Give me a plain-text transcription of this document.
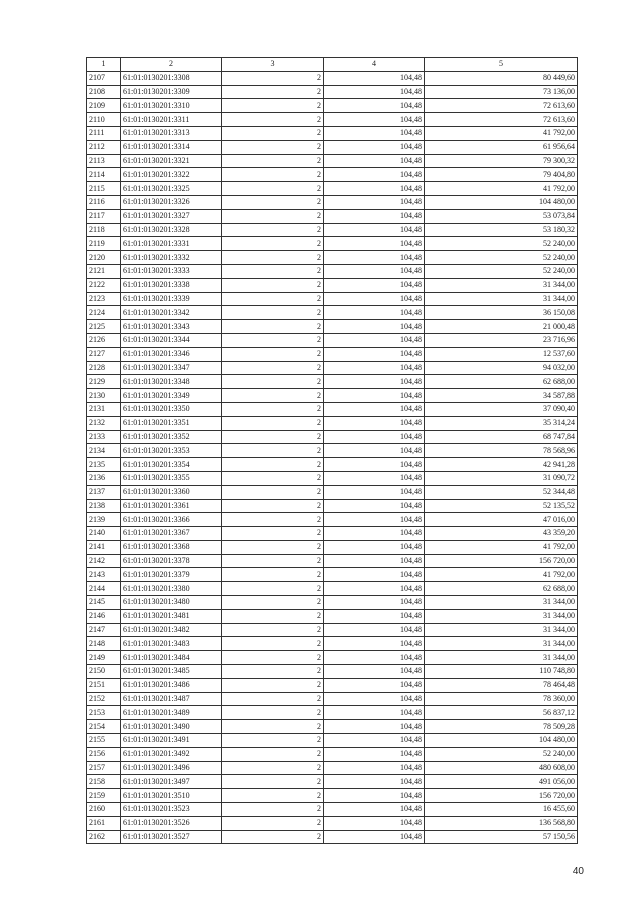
1	2	3	4	5
2107	61:01:0130201:3308	2	104,48	80 449,60
2108	61:01:0130201:3309	2	104,48	73 136,00
2109	61:01:0130201:3310	2	104,48	72 613,60
2110	61:01:0130201:3311	2	104,48	72 613,60
2111	61:01:0130201:3313	2	104,48	41 792,00
2112	61:01:0130201:3314	2	104,48	61 956,64
2113	61:01:0130201:3321	2	104,48	79 300,32
2114	61:01:0130201:3322	2	104,48	79 404,80
2115	61:01:0130201:3325	2	104,48	41 792,00
2116	61:01:0130201:3326	2	104,48	104 480,00
2117	61:01:0130201:3327	2	104,48	53 073,84
2118	61:01:0130201:3328	2	104,48	53 180,32
2119	61:01:0130201:3331	2	104,48	52 240,00
2120	61:01:0130201:3332	2	104,48	52 240,00
2121	61:01:0130201:3333	2	104,48	52 240,00
2122	61:01:0130201:3338	2	104,48	31 344,00
2123	61:01:0130201:3339	2	104,48	31 344,00
2124	61:01:0130201:3342	2	104,48	36 150,08
2125	61:01:0130201:3343	2	104,48	21 000,48
2126	61:01:0130201:3344	2	104,48	23 716,96
2127	61:01:0130201:3346	2	104,48	12 537,60
2128	61:01:0130201:3347	2	104,48	94 032,00
2129	61:01:0130201:3348	2	104,48	62 688,00
2130	61:01:0130201:3349	2	104,48	34 587,88
2131	61:01:0130201:3350	2	104,48	37 090,40
2132	61:01:0130201:3351	2	104,48	35 314,24
2133	61:01:0130201:3352	2	104,48	68 747,84
2134	61:01:0130201:3353	2	104,48	78 568,96
2135	61:01:0130201:3354	2	104,48	42 941,28
2136	61:01:0130201:3355	2	104,48	31 090,72
2137	61:01:0130201:3360	2	104,48	52 344,48
2138	61:01:0130201:3361	2	104,48	52 135,52
2139	61:01:0130201:3366	2	104,48	47 016,00
2140	61:01:0130201:3367	2	104,48	43 359,20
2141	61:01:0130201:3368	2	104,48	41 792,00
2142	61:01:0130201:3378	2	104,48	156 720,00
2143	61:01:0130201:3379	2	104,48	41 792,00
2144	61:01:0130201:3380	2	104,48	62 688,00
2145	61:01:0130201:3480	2	104,48	31 344,00
2146	61:01:0130201:3481	2	104,48	31 344,00
2147	61:01:0130201:3482	2	104,48	31 344,00
2148	61:01:0130201:3483	2	104,48	31 344,00
2149	61:01:0130201:3484	2	104,48	31 344,00
2150	61:01:0130201:3485	2	104,48	110 748,80
2151	61:01:0130201:3486	2	104,48	78 464,48
2152	61:01:0130201:3487	2	104,48	78 360,00
2153	61:01:0130201:3489	2	104,48	56 837,12
2154	61:01:0130201:3490	2	104,48	78 509,28
2155	61:01:0130201:3491	2	104,48	104 480,00
2156	61:01:0130201:3492	2	104,48	52 240,00
2157	61:01:0130201:3496	2	104,48	480 608,00
2158	61:01:0130201:3497	2	104,48	491 056,00
2159	61:01:0130201:3510	2	104,48	156 720,00
2160	61:01:0130201:3523	2	104,48	16 455,60
2161	61:01:0130201:3526	2	104,48	136 568,80
2162	61:01:0130201:3527	2	104,48	57 150,56
40
